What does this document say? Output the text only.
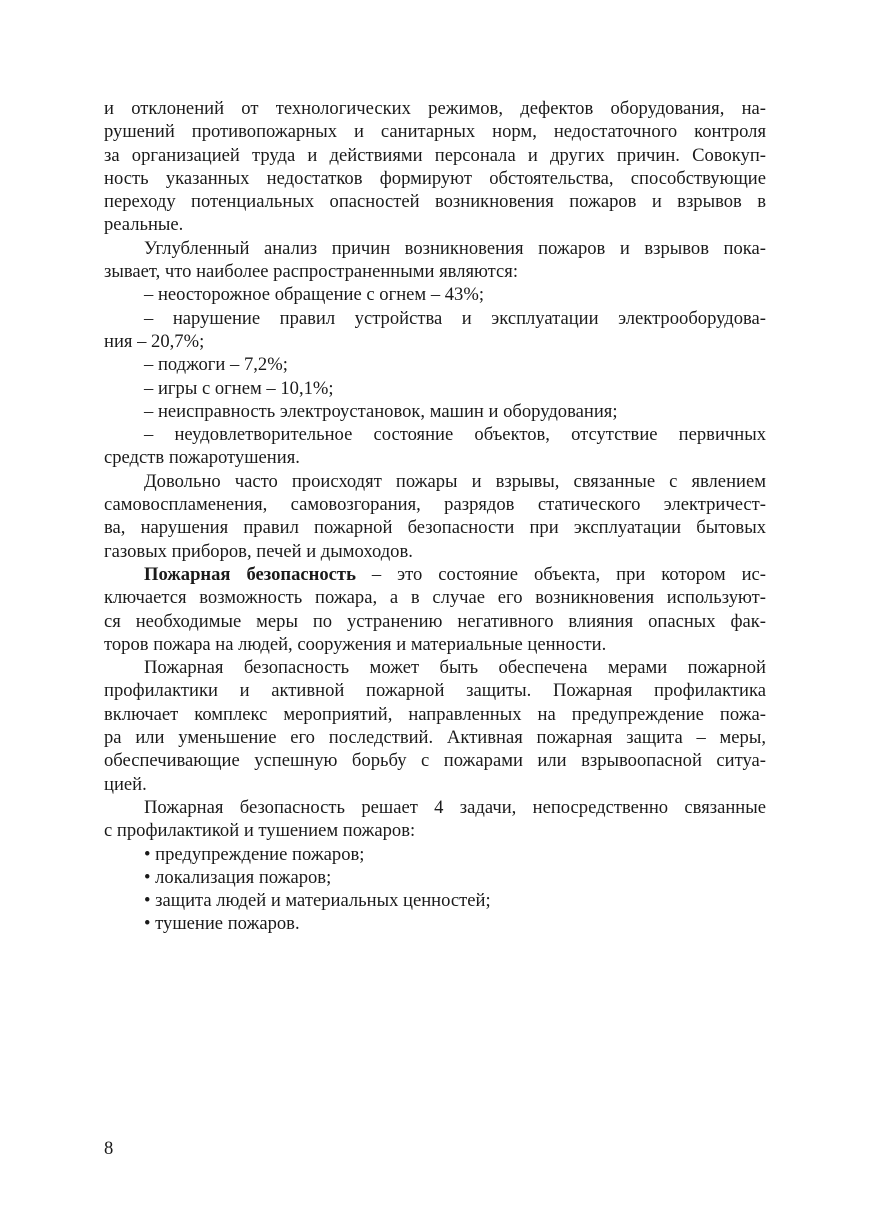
и отклонений от технологических режимов, дефектов оборудования, на-
рушений противопожарных и санитарных норм, недостаточного контроля
за организацией труда и действиями персонала и других причин. Совокуп-
ность указанных недостатков формируют обстоятельства, способствующие
переходу потенциальных опасностей возникновения пожаров и взрывов в
реальные.
Углубленный анализ причин возникновения пожаров и взрывов пока-
зывает, что наиболее распространенными являются:
– неосторожное обращение с огнем – 43%;
– нарушение правил устройства и эксплуатации электрооборудова-
ния – 20,7%;
– поджоги – 7,2%;
– игры с огнем – 10,1%;
– неисправность электроустановок, машин и оборудования;
– неудовлетворительное состояние объектов, отсутствие первичных
средств пожаротушения.
Довольно часто происходят пожары и взрывы, связанные с явлением
самовоспламенения, самовозгорания, разрядов статического электричест-
ва, нарушения правил пожарной безопасности при эксплуатации бытовых
газовых приборов, печей и дымоходов.
Пожарная безопасность – это состояние объекта, при котором ис-
ключается возможность пожара, а в случае его возникновения используют-
ся необходимые меры по устранению негативного влияния опасных фак-
торов пожара на людей, сооружения и материальные ценности.
Пожарная безопасность может быть обеспечена мерами пожарной
профилактики и активной пожарной защиты. Пожарная профилактика
включает комплекс мероприятий, направленных на предупреждение пожа-
ра или уменьшение его последствий. Активная пожарная защита – меры,
обеспечивающие успешную борьбу с пожарами или взрывоопасной ситуа-
цией.
Пожарная безопасность решает 4 задачи, непосредственно связанные
с профилактикой и тушением пожаров:
• предупреждение пожаров;
• локализация пожаров;
• защита людей и материальных ценностей;
• тушение пожаров.
8
